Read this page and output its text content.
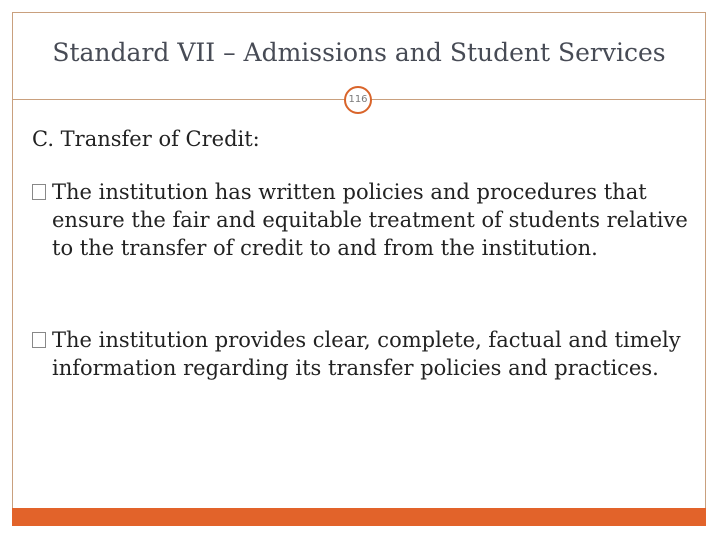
Standard VII – Admissions and Student Services
116
C. Transfer of Credit:
The institution has written policies and procedures that ensure the fair and equitable treatment of students relative to the transfer of credit to and from the institution.
The institution provides clear, complete, factual and timely information regarding its transfer policies and practices.
